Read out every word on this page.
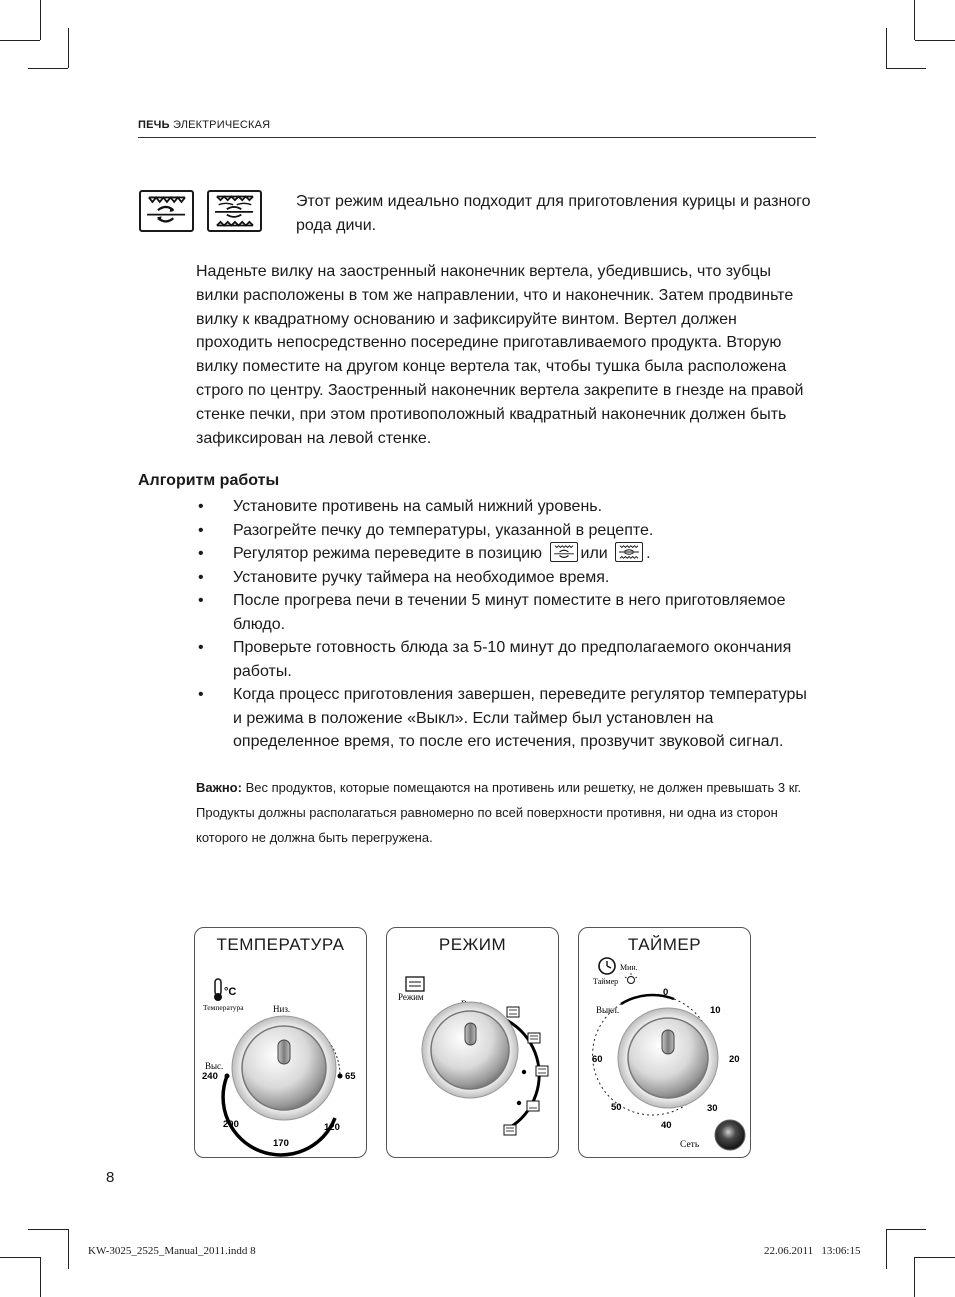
ПЕЧЬ ЭЛЕКТРИЧЕСКАЯ
Этот режим идеально подходит для приготовления курицы и разного рода дичи.
Наденьте вилку на заостренный наконечник вертела, убедившись, что зубцы вилки расположены в том же направлении, что и наконечник. Затем продвиньте вилку к квадратному основанию и зафиксируйте винтом. Вертел должен проходить непосредственно посередине приготавливаемого продукта. Вторую вилку поместите на другом конце вертела так, чтобы тушка была расположена строго по центру. Заостренный наконечник вертела закрепите в гнезде на правой стенке печки, при этом противоположный квадратный наконечник должен быть зафиксирован на левой стенке.
Алгоритм работы
• Установите противень на самый нижний уровень.
• Разогрейте печку до температуры, указанной в рецепте.
• Регулятор режима переведите в позицию или .
• Установите ручку таймера на необходимое время.
• После прогрева печи в течении 5 минут поместите в него приготовляемое блюдо.
• Проверьте готовность блюда за 5-10 минут до предполагаемого окончания работы.
• Когда процесс приготовления завершен, переведите регулятор температуры и режима в положение «Выкл». Если таймер был установлен на определенное время, то после его истечения, прозвучит звуковой сигнал.
Важно: Вес продуктов, которые помещаются на противень или решетку, не должен превышать 3 кг. Продукты должны располагаться равномерно по всей поверхности противня, ни одна из сторон которого не должна быть перегружена.
ТЕМПЕРАТУРА
°C
Температура	Низ.
Выс.
240
200
170
120
65
РЕЖИМ
Режим
ТАЙМЕР
Мин.
Таймер
Выкл.
0
10
20
30
40
50
60
Сеть
8
KW-3025_2525_Manual_2011.indd 8	22.06.2011   13:06:15
